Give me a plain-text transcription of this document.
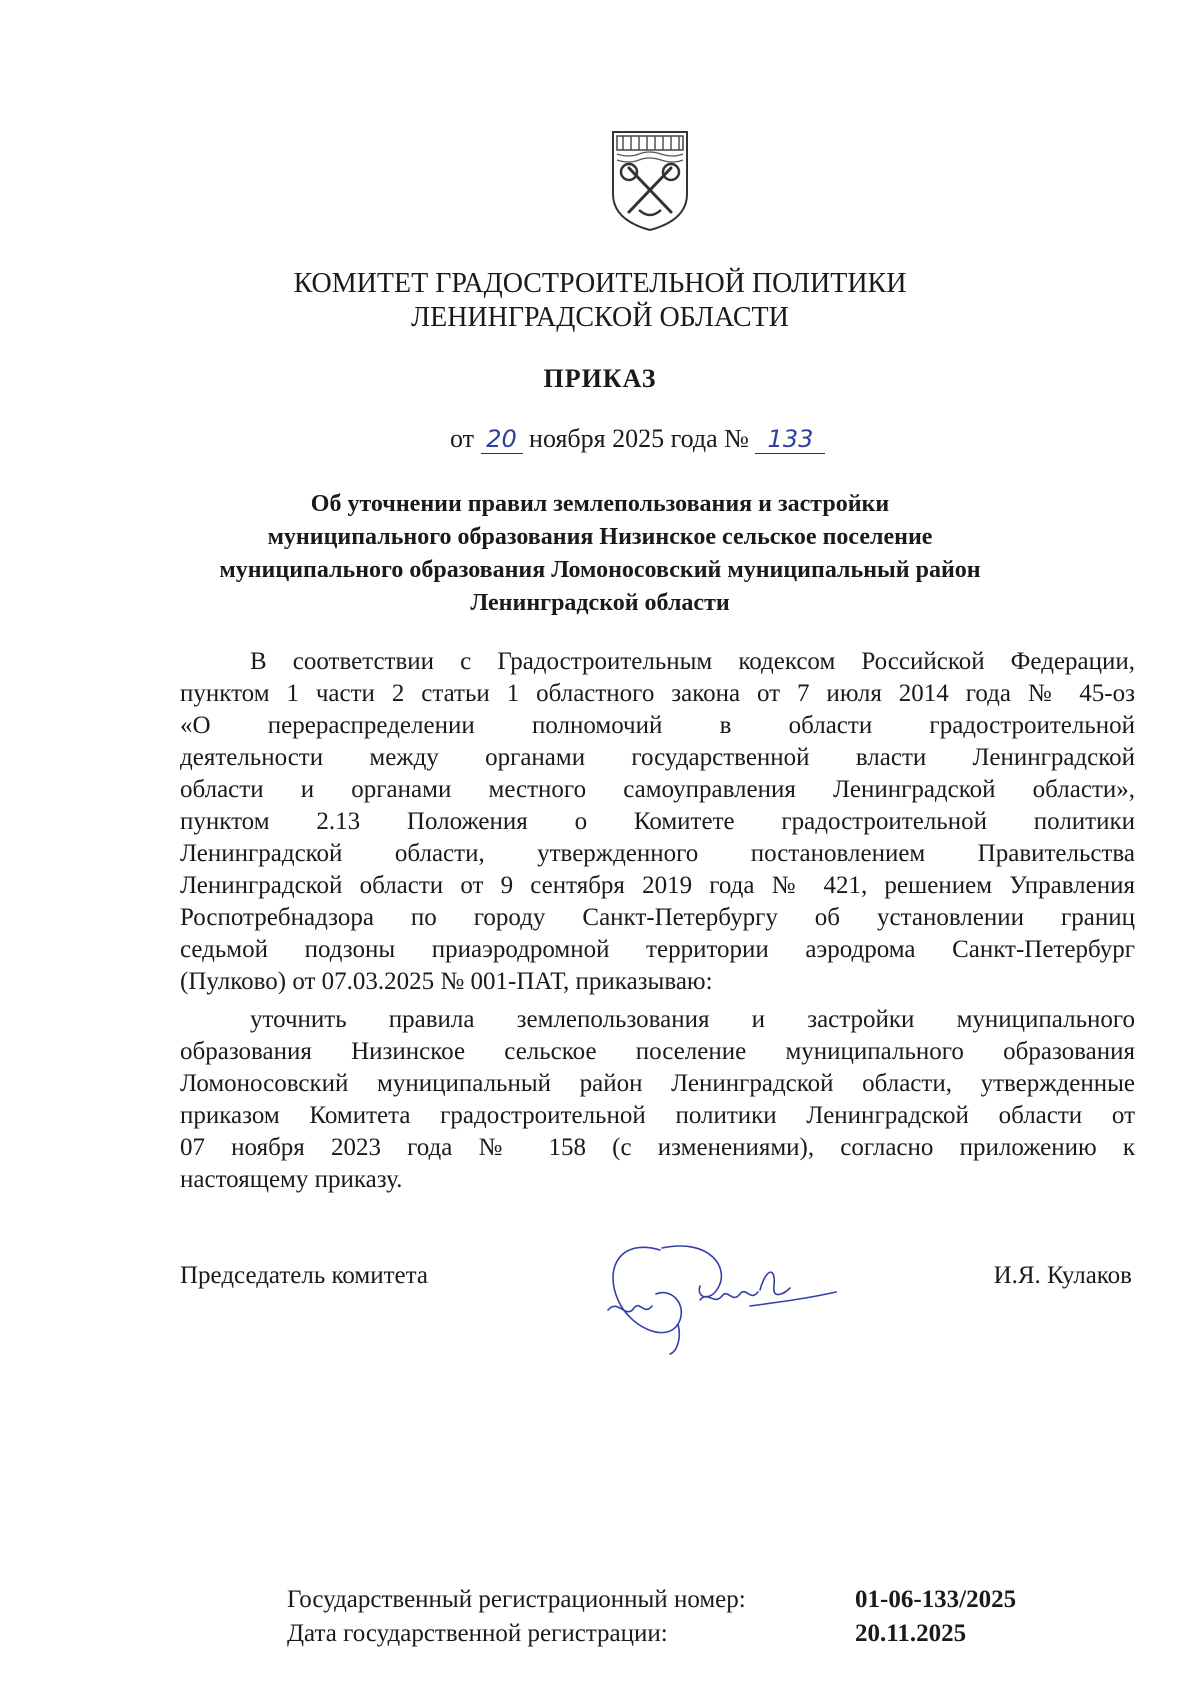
КОМИТЕТ ГРАДОСТРОИТЕЛЬНОЙ ПОЛИТИКИ
ЛЕНИНГРАДСКОЙ ОБЛАСТИ
ПРИКАЗ
от 20 ноября 2025 года № 133
Об уточнении правил землепользования и застройки
муниципального образования Низинское сельское поселение
муниципального образования Ломоносовский муниципальный район
Ленинградской области
В соответствии с Градостроительным кодексом Российской Федерации,
пунктом 1 части 2 статьи 1 областного закона от 7 июля 2014 года № 45-оз
«О перераспределении полномочий в области градостроительной
деятельности между органами государственной власти Ленинградской
области и органами местного самоуправления Ленинградской области»,
пунктом 2.13 Положения о Комитете градостроительной политики
Ленинградской области, утвержденного постановлением Правительства
Ленинградской области от 9 сентября 2019 года № 421, решением Управления
Роспотребнадзора по городу Санкт-Петербургу об установлении границ
седьмой подзоны приаэродромной территории аэродрома Санкт-Петербург
(Пулково) от 07.03.2025 № 001-ПАТ, приказываю:
уточнить правила землепользования и застройки муниципального
образования Низинское сельское поселение муниципального образования
Ломоносовский муниципальный район Ленинградской области, утвержденные
приказом Комитета градостроительной политики Ленинградской области от
07 ноября 2023 года № 158 (с изменениями), согласно приложению к
настоящему приказу.
Председатель комитета	И.Я. Кулаков
Государственный регистрационный номер:	01-06-133/2025
Дата государственной регистрации:	20.11.2025
